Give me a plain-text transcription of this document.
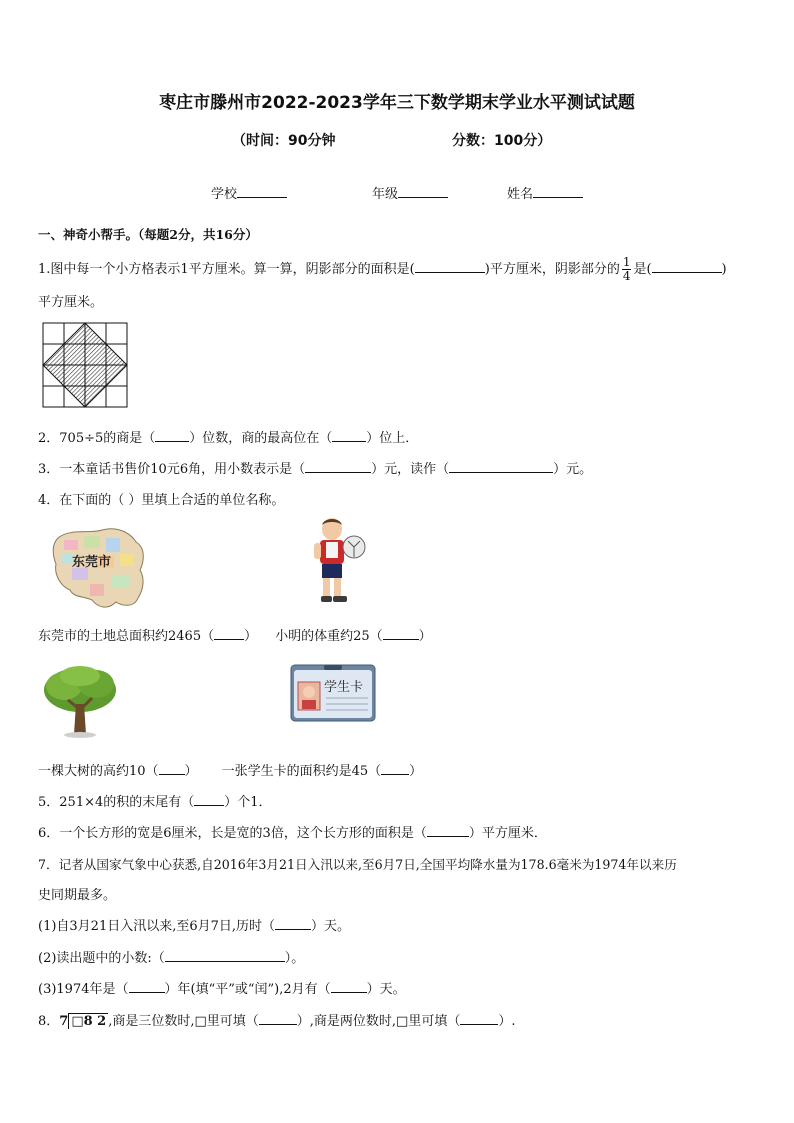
枣庄市滕州市2022-2023学年三下数学期末学业水平测试试题
（时间：90分钟	分数：100分）
学校	年级	姓名
一、神奇小帮手。（每题2分，共16分）
1.图中每一个小方格表示1平方厘米。算一算，阴影部分的面积是(	)平方厘米，阴影部分的 $\frac{1}{4}$ 是(	)
平方厘米。
2．705÷5的商是（	）位数，商的最高位在（	）位上．
3．一本童话书售价10元6角，用小数表示是（	）元，读作（	）元。
4．在下面的（ ）里填上合适的单位名称。
东莞市
东莞市的土地总面积约2465（ ） 小明的体重约25（	）
学生卡
一棵大树的高约10（ ） 一张学生卡的面积约是45（ ）
5．251×4的积的末尾有（ ）个1．
6．一个长方形的宽是6厘米，长是宽的3倍，这个长方形的面积是（	）平方厘米．
7．记者从国家气象中心获悉,自2016年3月21日入汛以来,至6月7日,全国平均降水量为178.6毫米为1974年以来历
史同期最多。
(1)自3月21日入汛以来,至6月7日,历时（	）天。
(2)读出题中的小数:（	）。
(3)1974年是（	）年(填“平”或“闰”),2月有（	）天。
8．7 □8 2 ,商是三位数时,□里可填（	）,商是两位数时,□里可填（	）.
